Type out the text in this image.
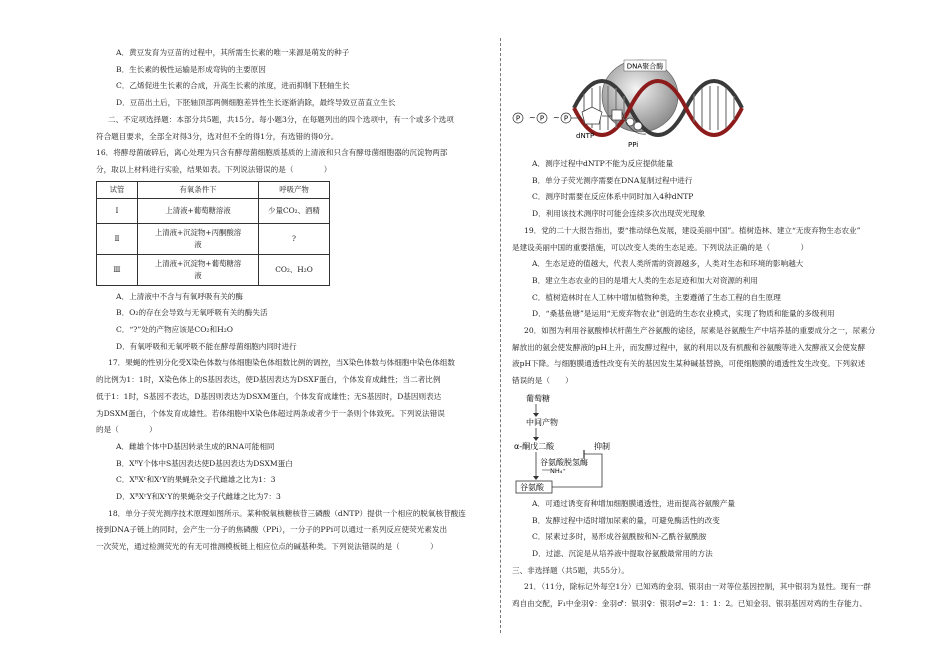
A．黄豆发育为豆苗的过程中，其所需生长素的唯一来源是萌发的种子
B．生长素的极性运输是形成弯钩的主要原因
C．乙烯促进生长素的合成，升高生长素的浓度，进而抑制下胚轴生长
D．豆苗出土后，下胚轴顶部两侧细胞差异性生长逐渐消除，最终导致豆苗直立生长
二、不定项选择题：本部分共5题，共15分。每小题3分，在每题列出的四个选项中，有一个或多个选项
符合题目要求，全部全对得3分，选对但不全的得1分，有选错的得0分。
16．将酵母菌破碎后，离心处理为只含有酵母菌细胞质基质的上清液和只含有酵母菌细胞器的沉淀物两部
分，取以上材料进行实验，结果如表。下列说法错误的是（　　　　）
试管	有氧条件下	呼吸产物
Ⅰ	上清液+葡萄糖溶液	少量CO₂、酒精
Ⅱ	上清液+沉淀物+丙酮酸溶
液	?
Ⅲ	上清液+沉淀物+葡萄糖溶
液	CO₂、H₂O
A．上清液中不含与有氧呼吸有关的酶
B．O₂的存在会导致与无氧呼吸有关的酶失活
C．“?”处的产物应该是CO₂和H₂O
D．有氧呼吸和无氧呼吸不能在酵母菌细胞内同时进行
17．果蝇的性别分化受X染色体数与体细胞染色体组数比例的调控，当X染色体数与体细胞中染色体组数
的比例为1：1时，X染色体上的S基因表达，使D基因表达为DSXF蛋白，个体发育成雌性；当二者比例
低于1：1时，S基因不表达，D基因则表达为DSXM蛋白，个体发育成雄性；无S基因时，D基因则表达
为DSXM蛋白，个体发育成雄性。若体细胞中X染色体超过两条或者少于一条则个体致死。下列说法错误
的是（　　　　）
A．雌雄个体中D基因转录生成的RNA可能相同
B．XᴿY个体中S基因表达使D基因表达为DSXM蛋白
C．XᴿXʳ和XʳY的果蝇杂交子代雌雄之比为1：3
D．XᴿXʳY和XʳY的果蝇杂交子代雌雄之比为7：3
18．单分子荧光测序技术原理如图所示。某种脱氧核糖核苷三磷酸（dNTP）提供一个相应的脱氧核苷酸连
接到DNA子链上的同时，会产生一分子的焦磷酸（PPi），一分子的PPi可以通过一系列反应使荧光素发出
一次荧光，通过检测荧光的有无可推测模板链上相应位点的碱基种类。下列说法错误的是（　　　　）
DNA聚合酶
P ~ P ~ P
dNTP
PPi
A．测序过程中dNTP不能为反应提供能量
B．单分子荧光测序需要在DNA复制过程中进行
C．测序时需要在反应体系中同时加入4种dNTP
D．利用该技术测序时可能会连续多次出现荧光现象
19．党的二十大报告指出，要“推动绿色发展，建设美丽中国”。植树造林、建立“无废弃物生态农业”
是建设美丽中国的重要措施，可以改变人类的生态足迹。下列说法正确的是（　　　　）
A．生态足迹的值越大，代表人类所需的资源越多，人类对生态和环境的影响越大
B．建立生态农业的目的是增大人类的生态足迹和加大对资源的利用
C．植树造林时在人工林中增加植物种类，主要遵循了生态工程的自生原理
D．“桑基鱼塘”是运用“无废弃物农业”创造的生态农业模式，实现了物质和能量的多级利用
20．如图为利用谷氨酸棒状杆菌生产谷氨酸的途径，尿素是谷氨酸生产中培养基的重要成分之一，尿素分
解放出的氨会使发酵液的pH上升，而发酵过程中，氨的利用以及有机酸和谷氨酸等进入发酵液又会使发酵
液pH下降。与细胞膜通透性改变有关的基因发生某种碱基替换，可使细胞膜的通透性发生改变。下列叙述
错误的是（　　）
葡萄糖
中间产物
α-酮戊二酸
谷氨酸脱氢酶
NH₄⁺
谷氨酸
抑制
A．可通过诱变育种增加细胞膜通透性，进而提高谷氨酸产量
B．发酵过程中适时增加尿素的量，可避免酶活性的改变
C．尿素过多时，易形成谷氨酰胺和N-乙酰谷氨酰胺
D．过滤、沉淀是从培养液中提取谷氨酸最常用的方法
三、非选择题（共5题，共55分）。
21．（11分，除标记外每空1分）已知鸡的金羽、银羽由一对等位基因控制，其中银羽为显性。现有一群
鸡自由交配，F₁中金羽♀：金羽♂：银羽♀：银羽♂=2：1：1：2。已知金羽、银羽基因对鸡的生存能力、
